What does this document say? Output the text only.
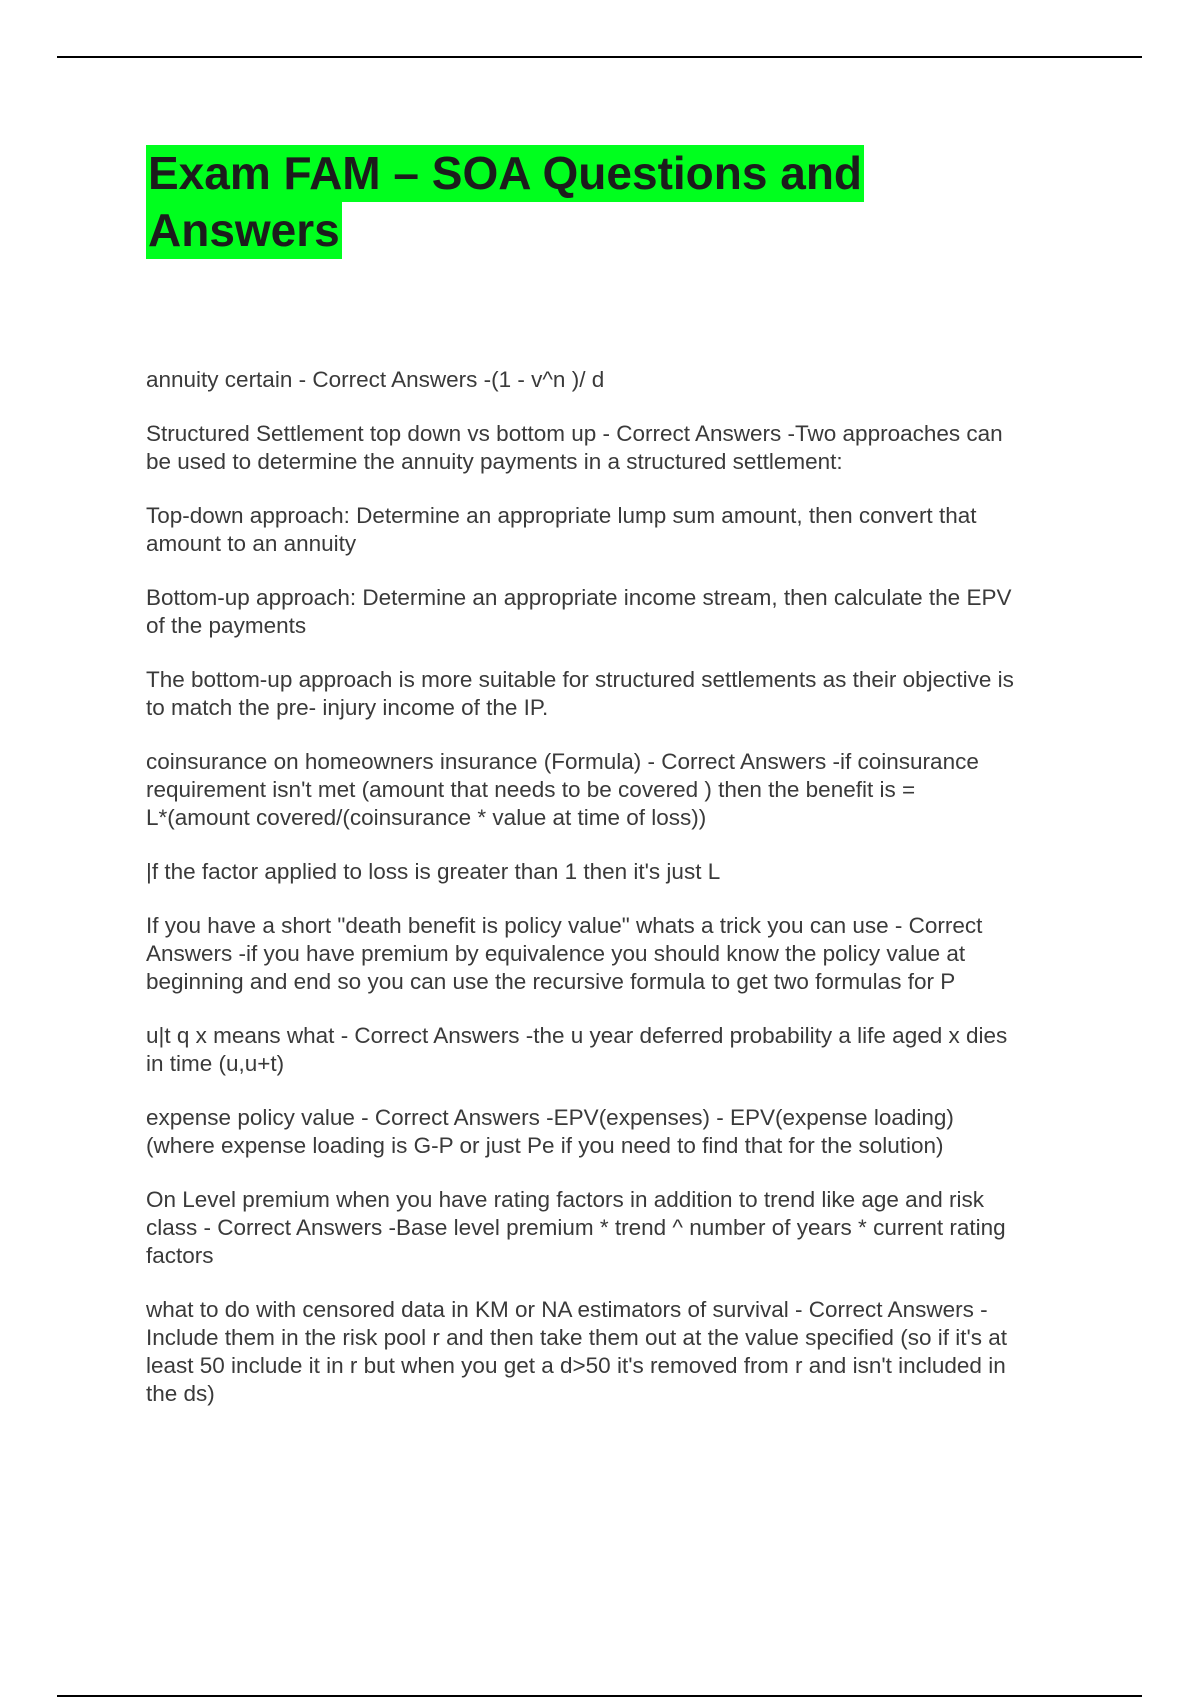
Exam FAM – SOA Questions and
Answers

annuity certain - Correct Answers -(1 - v^n )/ d

Structured Settlement top down vs bottom up - Correct Answers -Two approaches can
be used to determine the annuity payments in a structured settlement:

Top-down approach: Determine an appropriate lump sum amount, then convert that
amount to an annuity

Bottom-up approach: Determine an appropriate income stream, then calculate the EPV
of the payments

The bottom-up approach is more suitable for structured settlements as their objective is
to match the pre- injury income of the IP.

coinsurance on homeowners insurance (Formula) - Correct Answers -if coinsurance
requirement isn't met (amount that needs to be covered ) then the benefit is =
L*(amount covered/(coinsurance * value at time of loss))

|f the factor applied to loss is greater than 1 then it's just L

If you have a short "death benefit is policy value" whats a trick you can use - Correct
Answers -if you have premium by equivalence you should know the policy value at
beginning and end so you can use the recursive formula to get two formulas for P

u|t q x means what - Correct Answers -the u year deferred probability a life aged x dies
in time (u,u+t)

expense policy value - Correct Answers -EPV(expenses) - EPV(expense loading)
(where expense loading is G-P or just Pe if you need to find that for the solution)

On Level premium when you have rating factors in addition to trend like age and risk
class - Correct Answers -Base level premium * trend ^ number of years * current rating
factors

what to do with censored data in KM or NA estimators of survival - Correct Answers -
Include them in the risk pool r and then take them out at the value specified (so if it's at
least 50 include it in r but when you get a d>50 it's removed from r and isn't included in
the ds)
